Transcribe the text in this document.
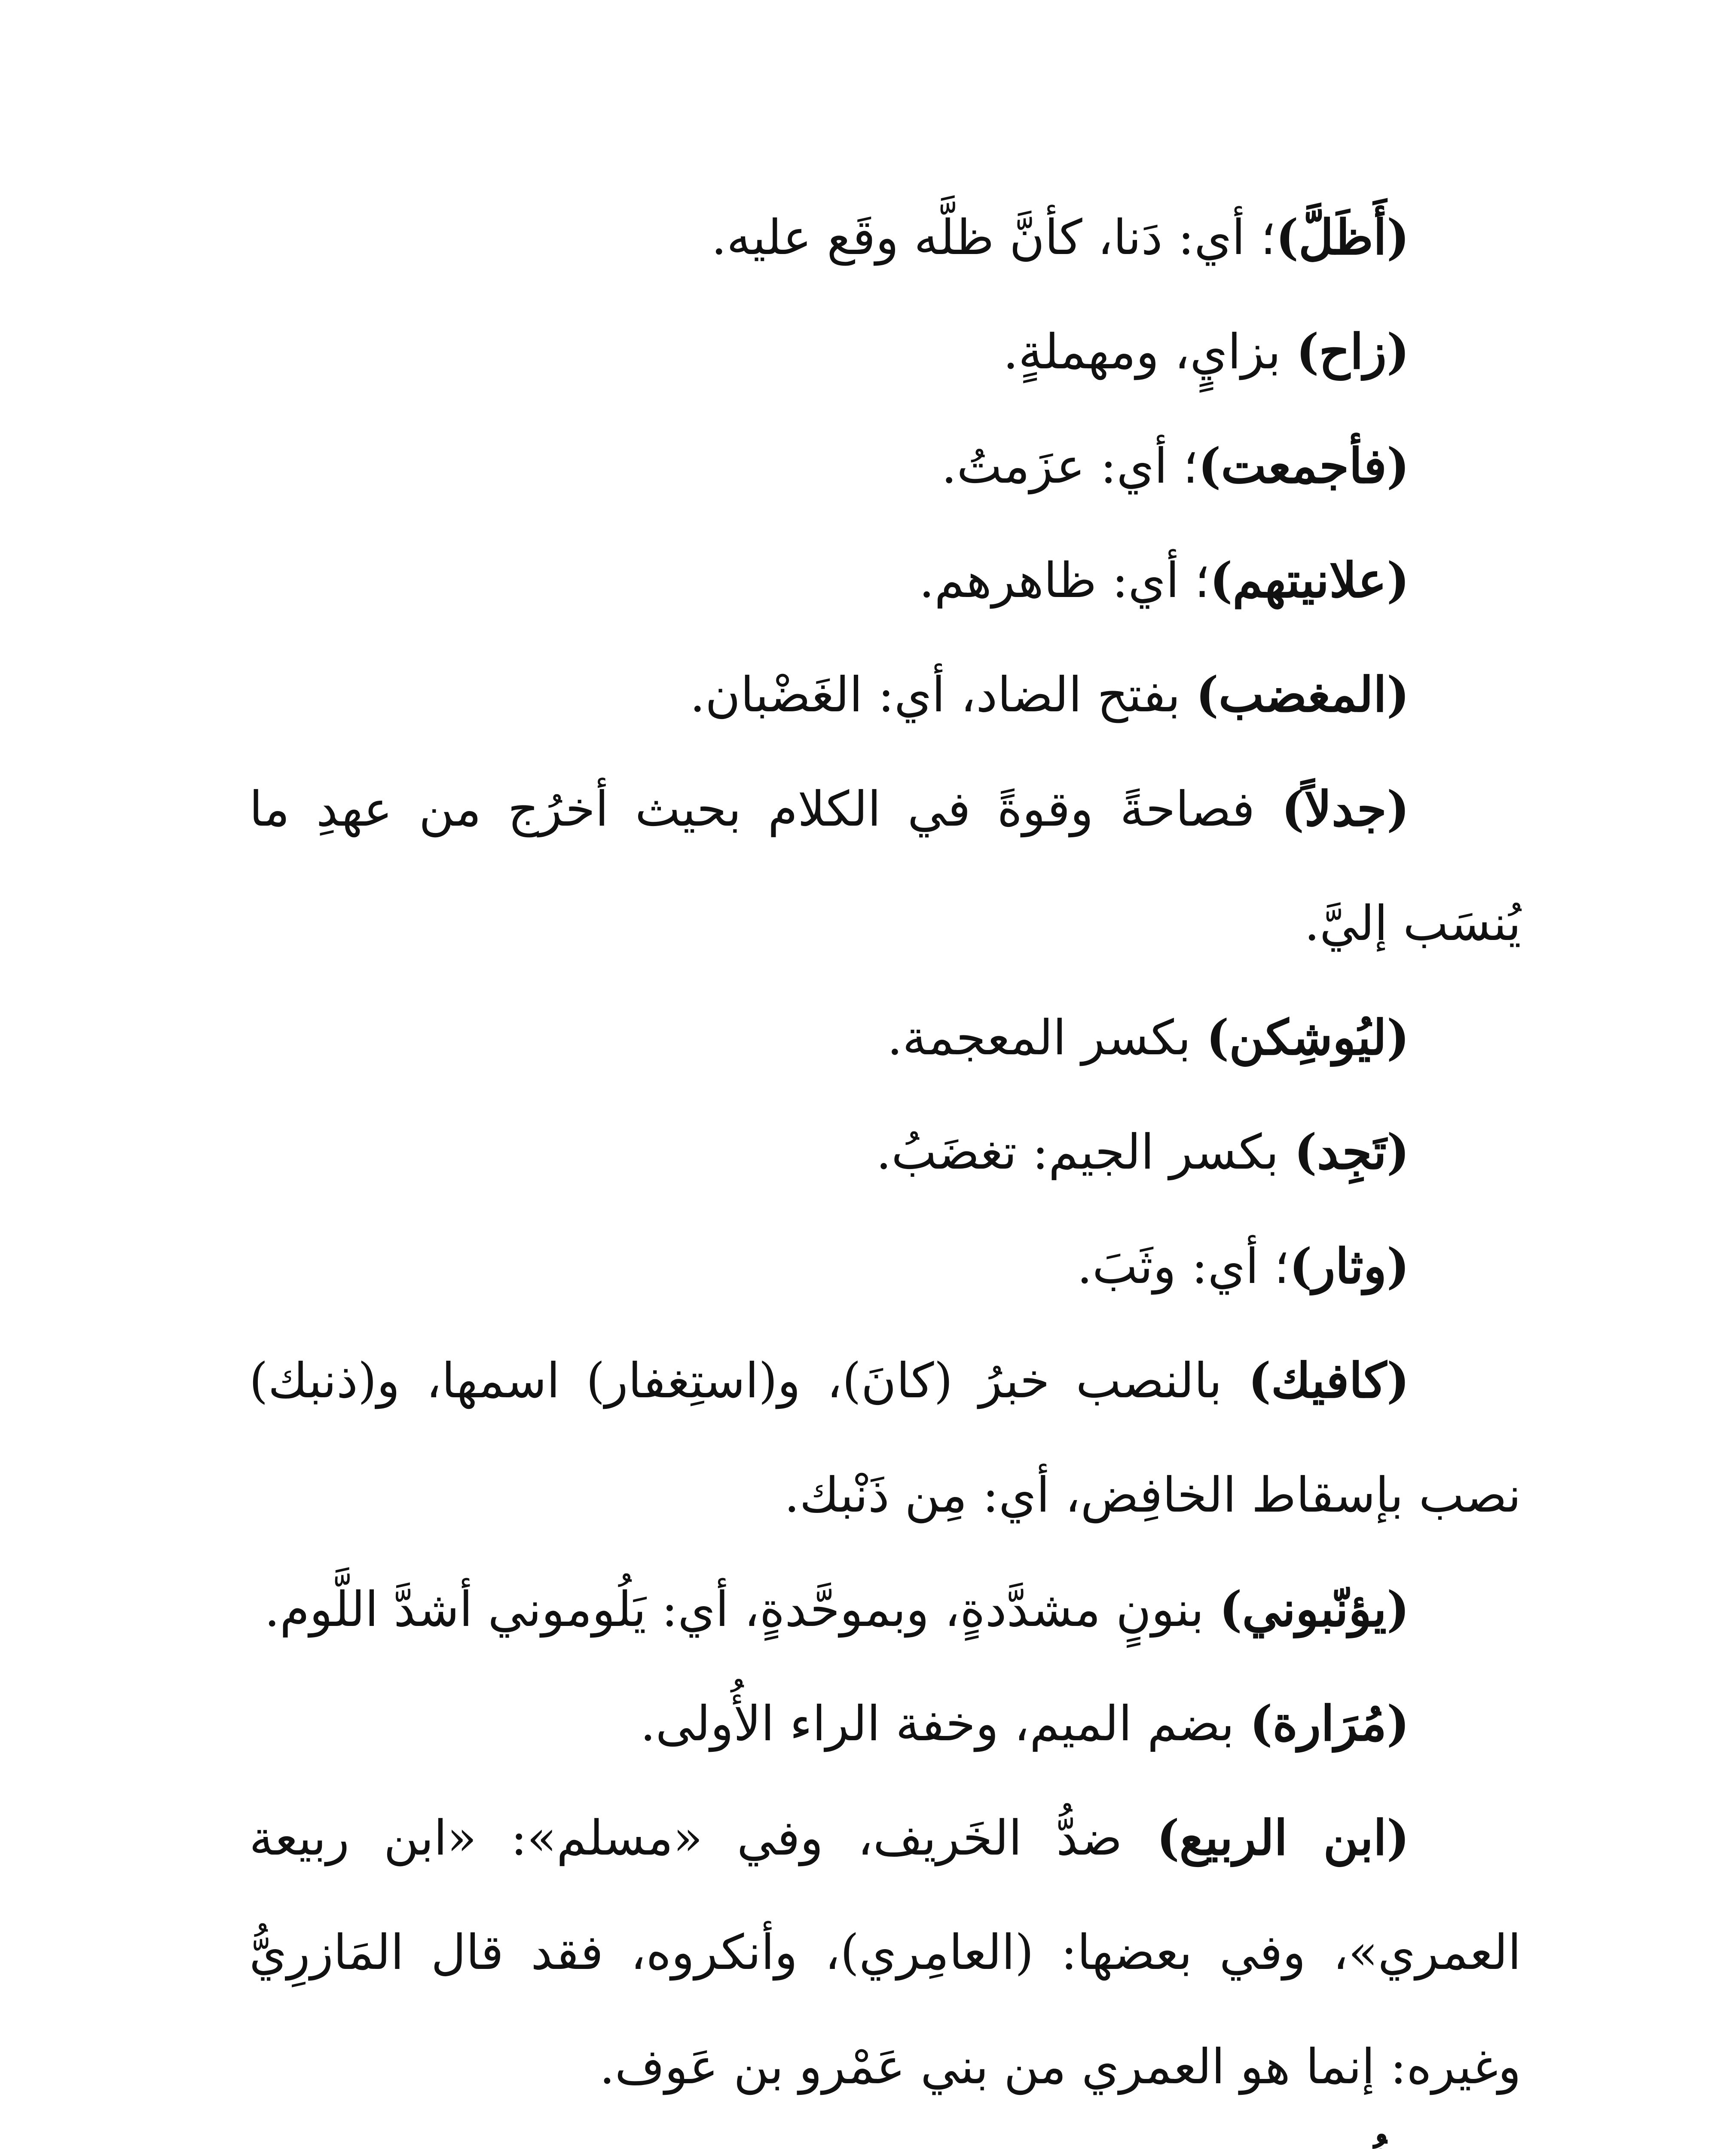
(أَظَلَّ)؛ أي: دَنا، كأنَّ ظلَّه وقَع عليه.

(زاح) بزايٍ، ومهملةٍ.

(فأجمعت)؛ أي: عزَمتُ.

(علانيتهم)؛ أي: ظاهرهم.

(المغضب) بفتح الضاد، أي: الغَضْبان.

(جدلاً) فصاحةً وقوةً في الكلام بحيث أخرُج من عهدِ ما يُنسَب إليَّ.

(ليُوشِكن) بكسر المعجمة.

(تَجِد) بكسر الجيم: تغضَبُ.

(وثار)؛ أي: وثَبَ.

(كافيك) بالنصب خبرُ (كانَ)، و(استِغفار) اسمها، و(ذنبك) نصب بإسقاط الخافِض، أي: مِن ذَنْبك.

(يؤنّبوني) بنونٍ مشدَّدةٍ، وبموحَّدةٍ، أي: يَلُوموني أشدَّ اللَّوم.

(مُرَارة) بضم الميم، وخفة الراء الأُولى.

(ابن الربيع) ضدُّ الخَريف، وفي «مسلم»: «ابن ربيعة العمري»، وفي بعضها: (العامِري)، وأنكروه، فقد قال المَازرِيُّ وغيره: إنما هو العمري من بني عَمْرو بن عَوف.
